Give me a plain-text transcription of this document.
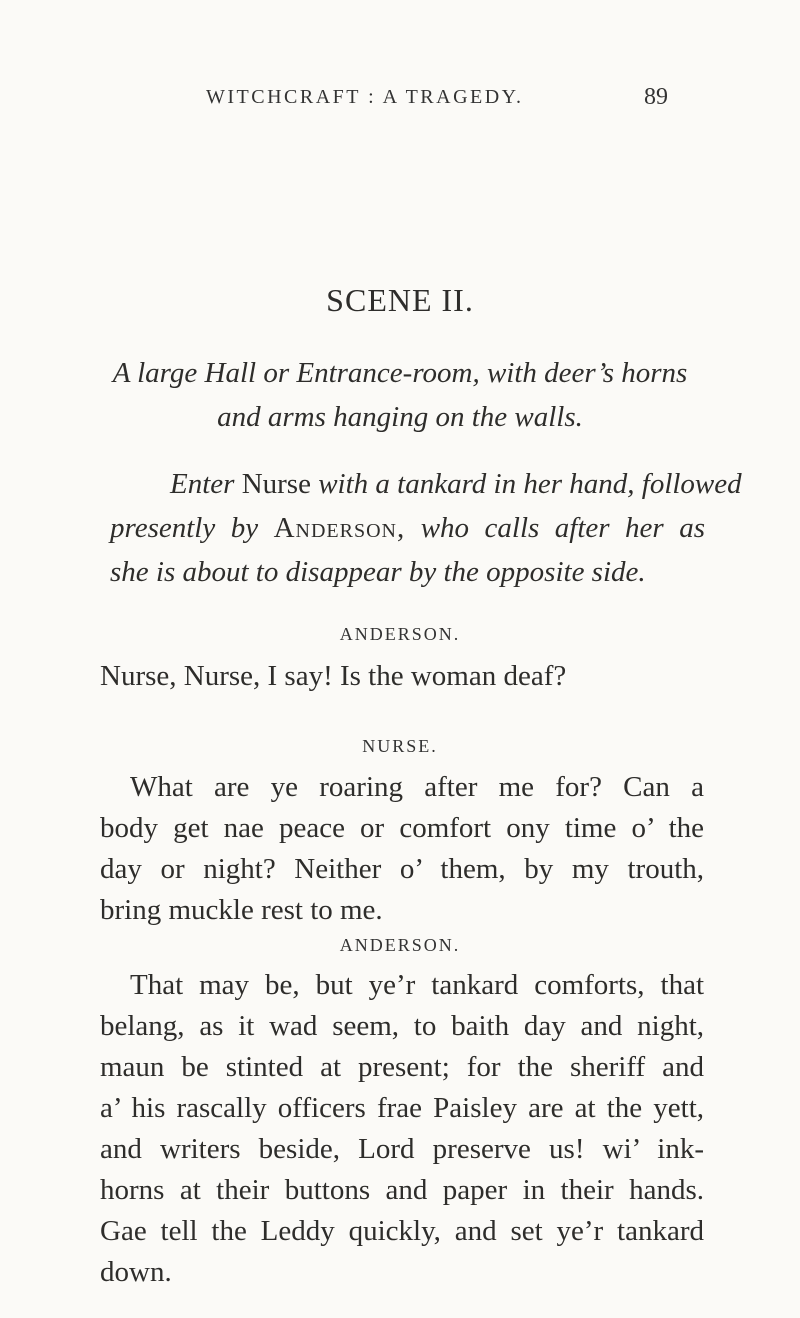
WITCHCRAFT : A TRAGEDY.	89
SCENE II.
A large Hall or Entrance-room, with deer’s horns
and arms hanging on the walls.
Enter Nurse with a tankard in her hand, followed
presently by Anderson, who calls after her as
she is about to disappear by the opposite side.
ANDERSON.
Nurse, Nurse, I say! Is the woman deaf?
NURSE.
What are ye roaring after me for? Can a
body get nae peace or comfort ony time o’ the
day or night? Neither o’ them, by my trouth,
bring muckle rest to me.
ANDERSON.
That may be, but ye’r tankard comforts, that
belang, as it wad seem, to baith day and night,
maun be stinted at present; for the sheriff and
a’ his rascally officers frae Paisley are at the yett,
and writers beside, Lord preserve us! wi’ ink-
horns at their buttons and paper in their hands.
Gae tell the Leddy quickly, and set ye’r tankard
down.
